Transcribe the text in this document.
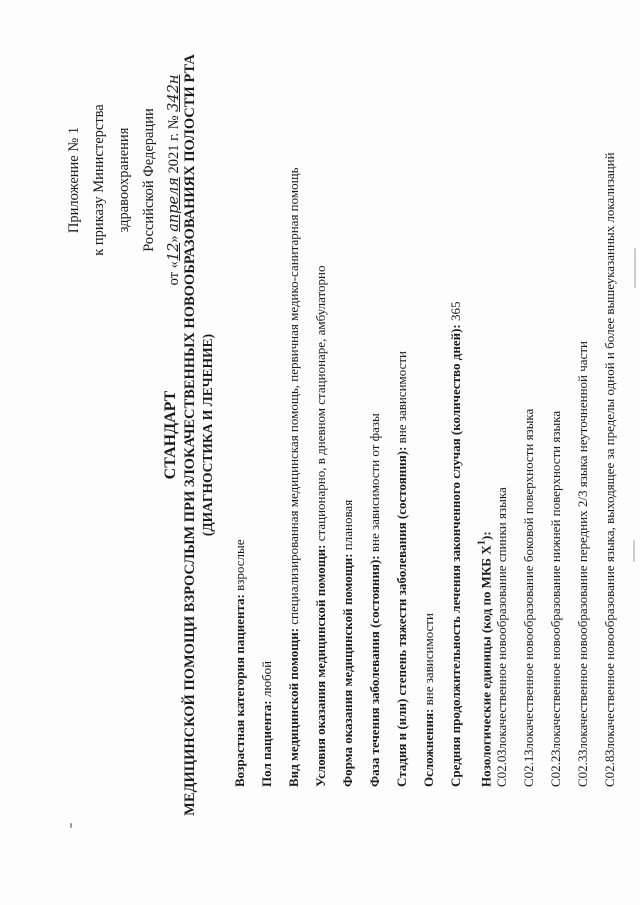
Приложение № 1 к приказу Министерства здравоохранения Российской Федерации
от «12» апреля 2021 г. № 342н
СТАНДАРТ МЕДИЦИНСКОЙ ПОМОЩИ ВЗРОСЛЫМ ПРИ ЗЛОКАЧЕСТВЕННЫХ НОВООБРАЗОВАНИЯХ ПОЛОСТИ РТА (ДИАГНОСТИКА И ЛЕЧЕНИЕ)
Возрастная категория пациента: взрослые
Пол пациента: любой Вид медицинской помощи: специализированная медицинская помощь, первичная медико-санитарная помощь
Условия оказания медицинской помощи: стационарно, в дневном стационаре, амбулаторно
Форма оказания медицинской помощи: плановая
Фаза течения заболевания (состояния): вне зависимости от фазы Стадия и (или) степень тяжести заболевания (состояния): вне зависимости
Осложнения: вне зависимости Средняя продолжительность лечения законченного случая (количество дней): 365
Нозологические единицы (код по МКБ $X^1$):
C02.0Злокачественное новообразование спинки языка
C02.1Злокачественное новообразование боковой поверхности языка
C02.2Злокачественное новообразование нижней поверхности языка
C02.3Злокачественное новообразование передних 2/3 языка неуточненной части
C02.8Злокачественное новообразование языка, выходящее за пределы одной и более вышеуказанных локализаций
